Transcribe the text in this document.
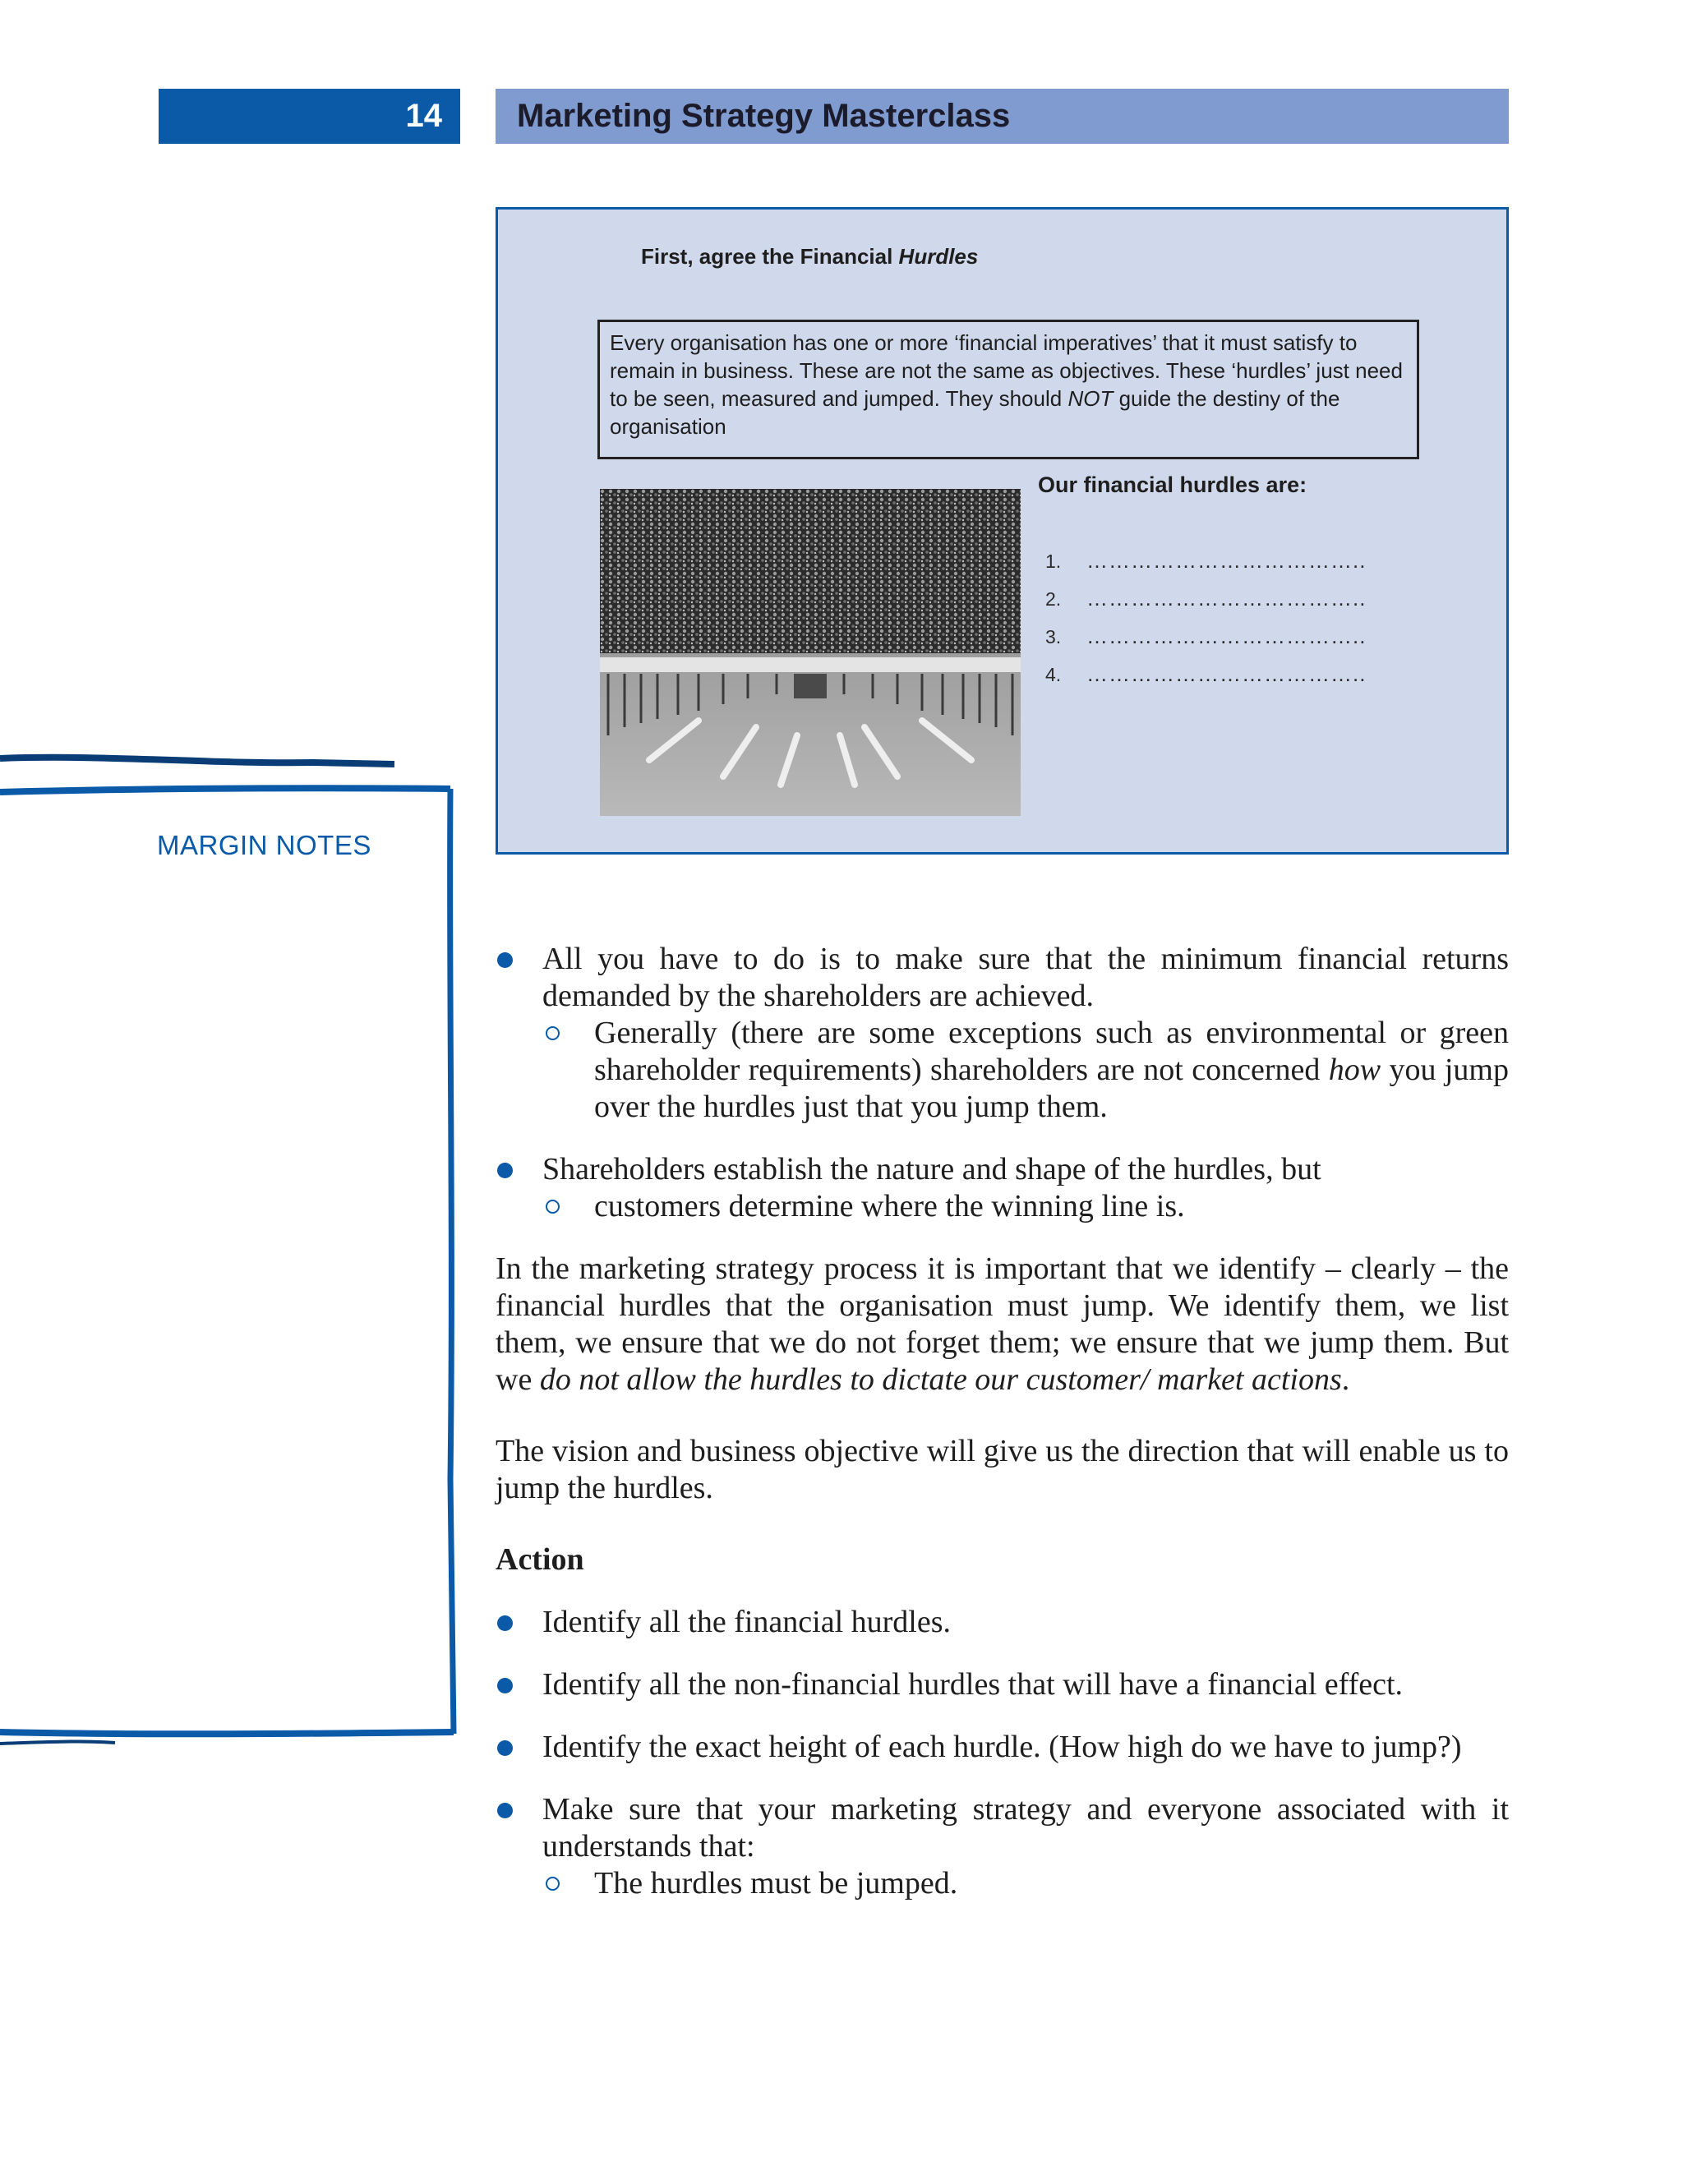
14	Marketing Strategy Masterclass
First, agree the Financial Hurdles
Every organisation has one or more ‘financial imperatives’ that it must satisfy to remain in business. These are not the same as objectives. These ‘hurdles’ just need to be seen, measured and jumped. They should NOT guide the destiny of the organisation
Our financial hurdles are:
1.	………………………………..
2.	………………………………..
3.	………………………………..
4.	………………………………..
MARGIN NOTES
All you have to do is to make sure that the minimum financial returns demanded by the shareholders are achieved.
Generally (there are some exceptions such as environmental or green shareholder requirements) shareholders are not concerned how you jump over the hurdles just that you jump them.
Shareholders establish the nature and shape of the hurdles, but
customers determine where the winning line is.

In the marketing strategy process it is important that we identify – clearly – the financial hurdles that the organisation must jump. We identify them, we list them, we ensure that we do not forget them; we ensure that we jump them. But we do not allow the hurdles to dictate our customer/ market actions.

The vision and business objective will give us the direction that will enable us to jump the hurdles.

Action

Identify all the financial hurdles.
Identify all the non-financial hurdles that will have a financial effect.
Identify the exact height of each hurdle. (How high do we have to jump?)
Make sure that your marketing strategy and everyone associated with it understands that:
The hurdles must be jumped.
